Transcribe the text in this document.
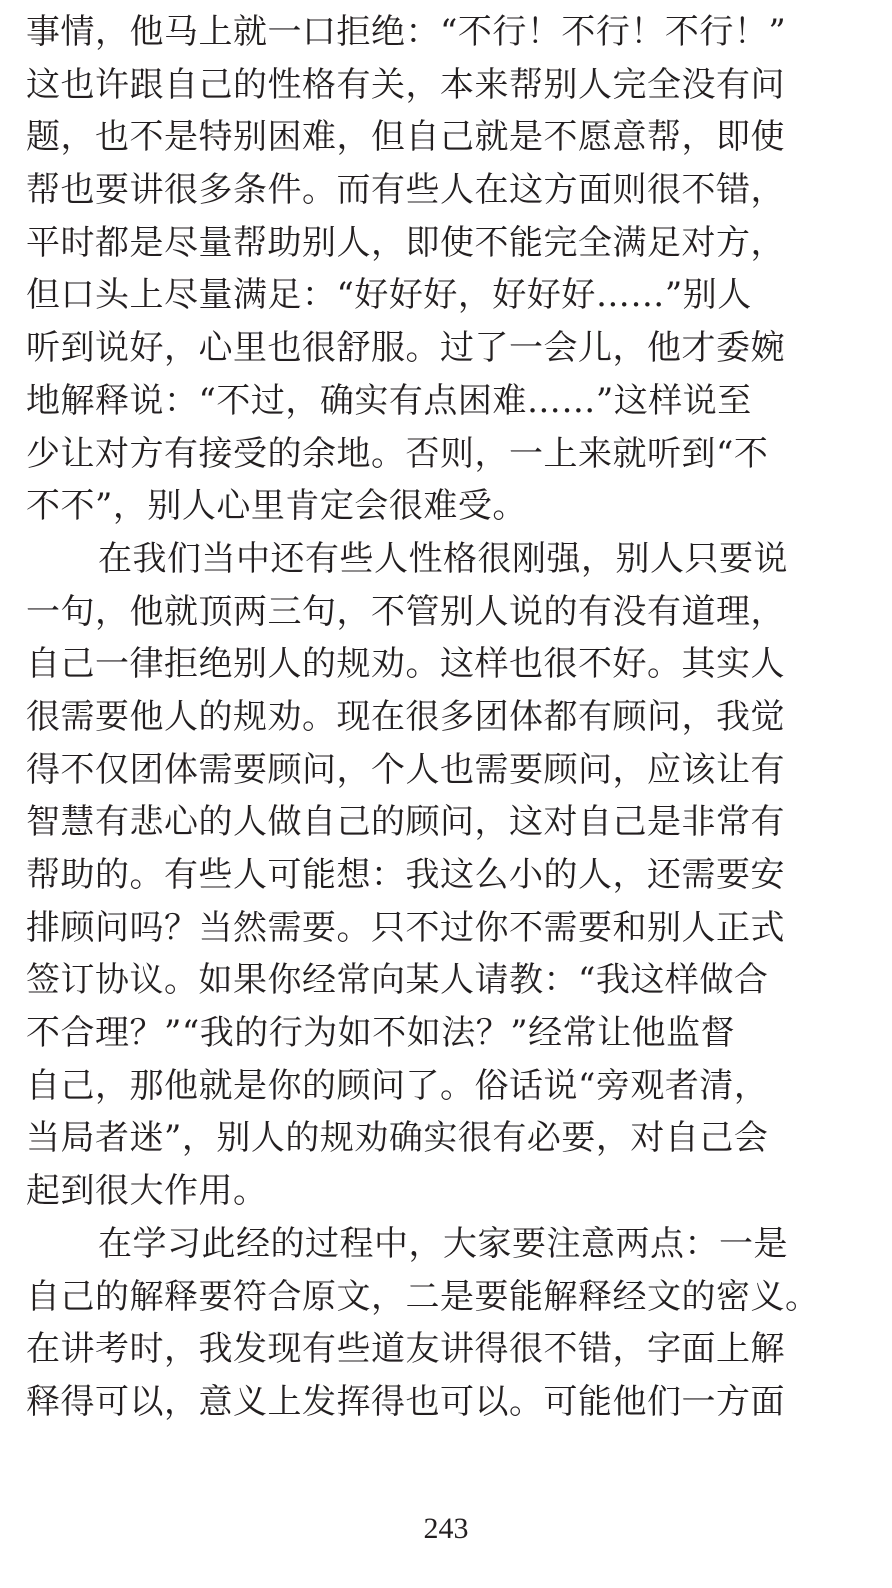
事情，他马上就一口拒绝：“不行！不行！不行！”
这也许跟自己的性格有关，本来帮别人完全没有问
题，也不是特别困难，但自己就是不愿意帮，即使
帮也要讲很多条件。而有些人在这方面则很不错，
平时都是尽量帮助别人，即使不能完全满足对方，
但口头上尽量满足：“好好好，好好好……”别人
听到说好，心里也很舒服。过了一会儿，他才委婉
地解释说：“不过，确实有点困难……”这样说至
少让对方有接受的余地。否则，一上来就听到“不
不不”，别人心里肯定会很难受。
在我们当中还有些人性格很刚强，别人只要说
一句，他就顶两三句，不管别人说的有没有道理，
自己一律拒绝别人的规劝。这样也很不好。其实人
很需要他人的规劝。现在很多团体都有顾问，我觉
得不仅团体需要顾问，个人也需要顾问，应该让有
智慧有悲心的人做自己的顾问，这对自己是非常有
帮助的。有些人可能想：我这么小的人，还需要安
排顾问吗？当然需要。只不过你不需要和别人正式
签订协议。如果你经常向某人请教：“我这样做合
不合理？”“我的行为如不如法？”经常让他监督
自己，那他就是你的顾问了。俗话说“旁观者清，
当局者迷”，别人的规劝确实很有必要，对自己会
起到很大作用。
在学习此经的过程中，大家要注意两点：一是
自己的解释要符合原文，二是要能解释经文的密义。
在讲考时，我发现有些道友讲得很不错，字面上解
释得可以，意义上发挥得也可以。可能他们一方面
243
